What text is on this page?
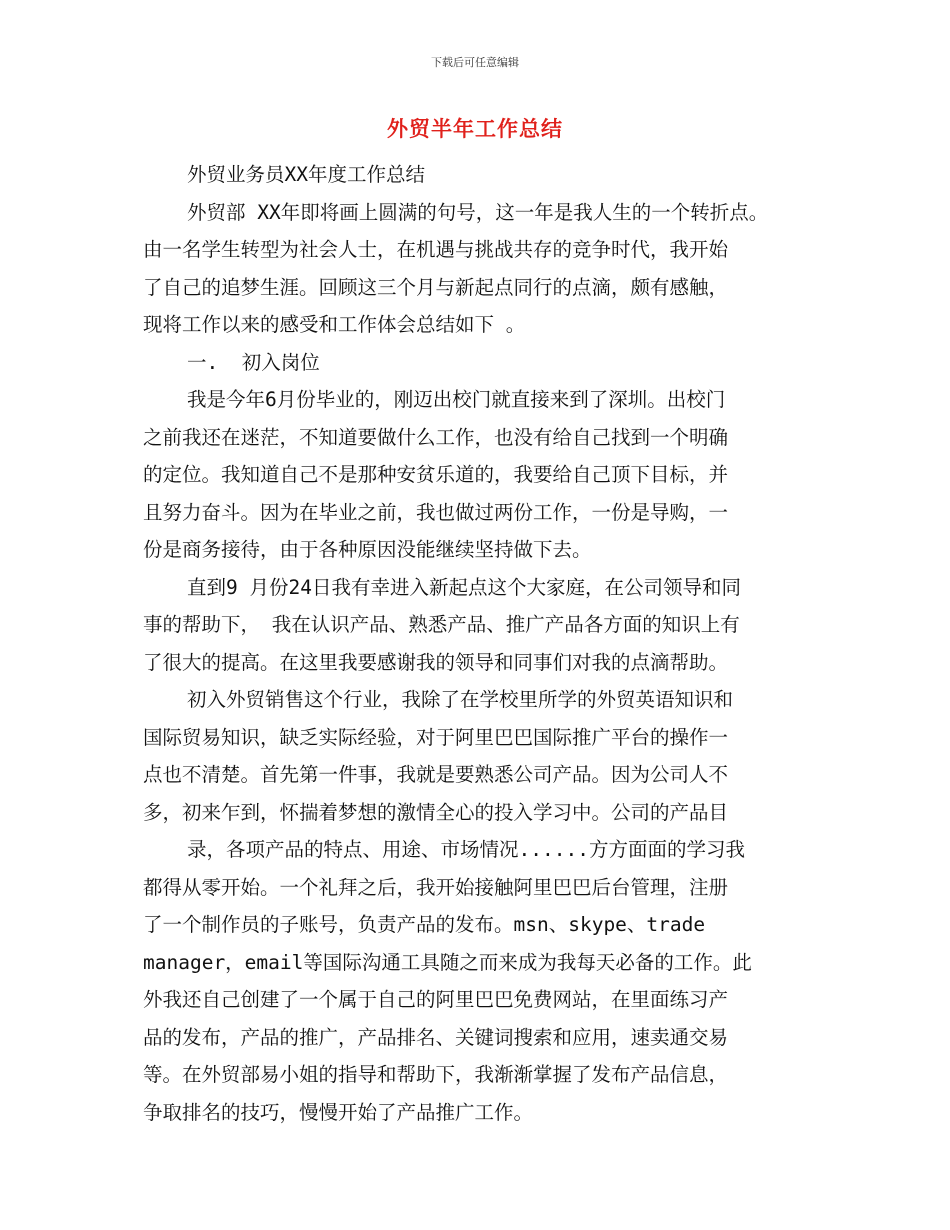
下载后可任意编辑
外贸半年工作总结
外贸业务员XX年度工作总结
外贸部 XX年即将画上圆满的句号，这一年是我人生的一个转折点。
由一名学生转型为社会人士，在机遇与挑战共存的竞争时代，我开始
了自己的追梦生涯。回顾这三个月与新起点同行的点滴，颇有感触，
现将工作以来的感受和工作体会总结如下 。
一.  初入岗位
我是今年6月份毕业的，刚迈出校门就直接来到了深圳。出校门
之前我还在迷茫，不知道要做什么工作，也没有给自己找到一个明确
的定位。我知道自己不是那种安贫乐道的，我要给自己顶下目标，并
且努力奋斗。因为在毕业之前，我也做过两份工作，一份是导购，一
份是商务接待，由于各种原因没能继续坚持做下去。
直到9 月份24日我有幸进入新起点这个大家庭，在公司领导和同
事的帮助下， 我在认识产品、熟悉产品、推广产品各方面的知识上有
了很大的提高。在这里我要感谢我的领导和同事们对我的点滴帮助。
初入外贸销售这个行业，我除了在学校里所学的外贸英语知识和
国际贸易知识，缺乏实际经验，对于阿里巴巴国际推广平台的操作一
点也不清楚。首先第一件事，我就是要熟悉公司产品。因为公司人不
多，初来乍到，怀揣着梦想的激情全心的投入学习中。公司的产品目
录，各项产品的特点、用途、市场情况......方方面面的学习我
都得从零开始。一个礼拜之后，我开始接触阿里巴巴后台管理，注册
了一个制作员的子账号，负责产品的发布。msn、skype、trade
manager，email等国际沟通工具随之而来成为我每天必备的工作。此
外我还自己创建了一个属于自己的阿里巴巴免费网站，在里面练习产
品的发布，产品的推广，产品排名、关键词搜索和应用，速卖通交易
等。在外贸部易小姐的指导和帮助下，我渐渐掌握了发布产品信息，
争取排名的技巧，慢慢开始了产品推广工作。
